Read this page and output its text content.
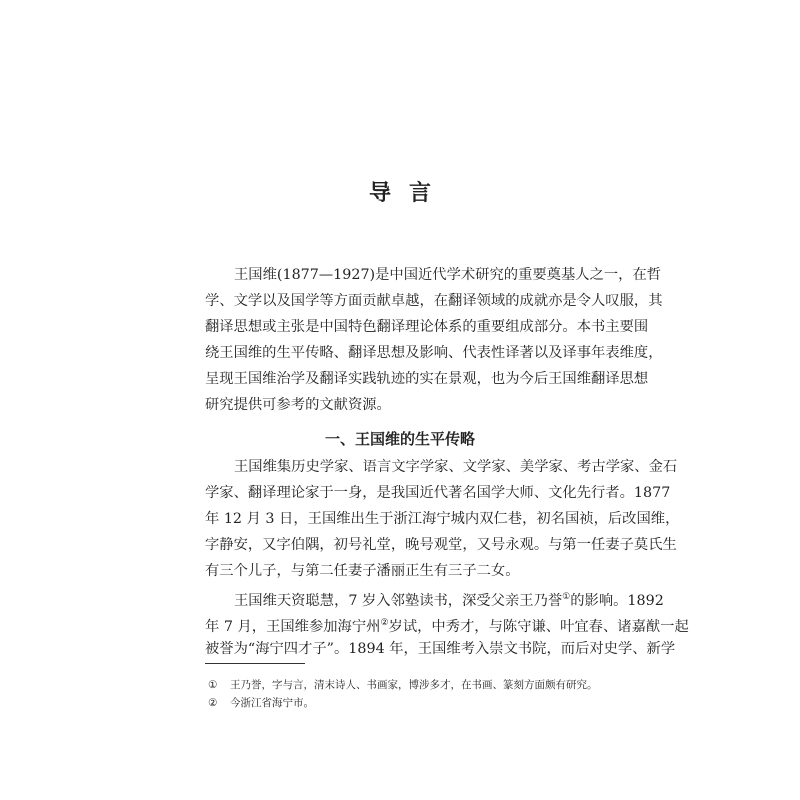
导言
王国维(1877—1927)是中国近代学术研究的重要奠基人之一，在哲
学、文学以及国学等方面贡献卓越，在翻译领域的成就亦是令人叹服，其
翻译思想或主张是中国特色翻译理论体系的重要组成部分。本书主要围
绕王国维的生平传略、翻译思想及影响、代表性译著以及译事年表维度，
呈现王国维治学及翻译实践轨迹的实在景观，也为今后王国维翻译思想
研究提供可参考的文献资源。
一、王国维的生平传略
王国维集历史学家、语言文字学家、文学家、美学家、考古学家、金石
学家、翻译理论家于一身，是我国近代著名国学大师、文化先行者。1877
年 12 月 3 日，王国维出生于浙江海宁城内双仁巷，初名国祯，后改国维，
字静安，又字伯隅，初号礼堂，晚号观堂，又号永观。与第一任妻子莫氏生
有三个儿子，与第二任妻子潘丽正生有三子二女。
王国维天资聪慧，7 岁入邻塾读书，深受父亲王乃誉①的影响。1892
年 7 月，王国维参加海宁州②岁试，中秀才，与陈守谦、叶宜春、诸嘉猷一起
被誉为“海宁四才子”。1894 年，王国维考入崇文书院，而后对史学、新学
① 王乃誉，字与言，清末诗人、书画家，博涉多才，在书画、篆刻方面颇有研究。
② 今浙江省海宁市。
